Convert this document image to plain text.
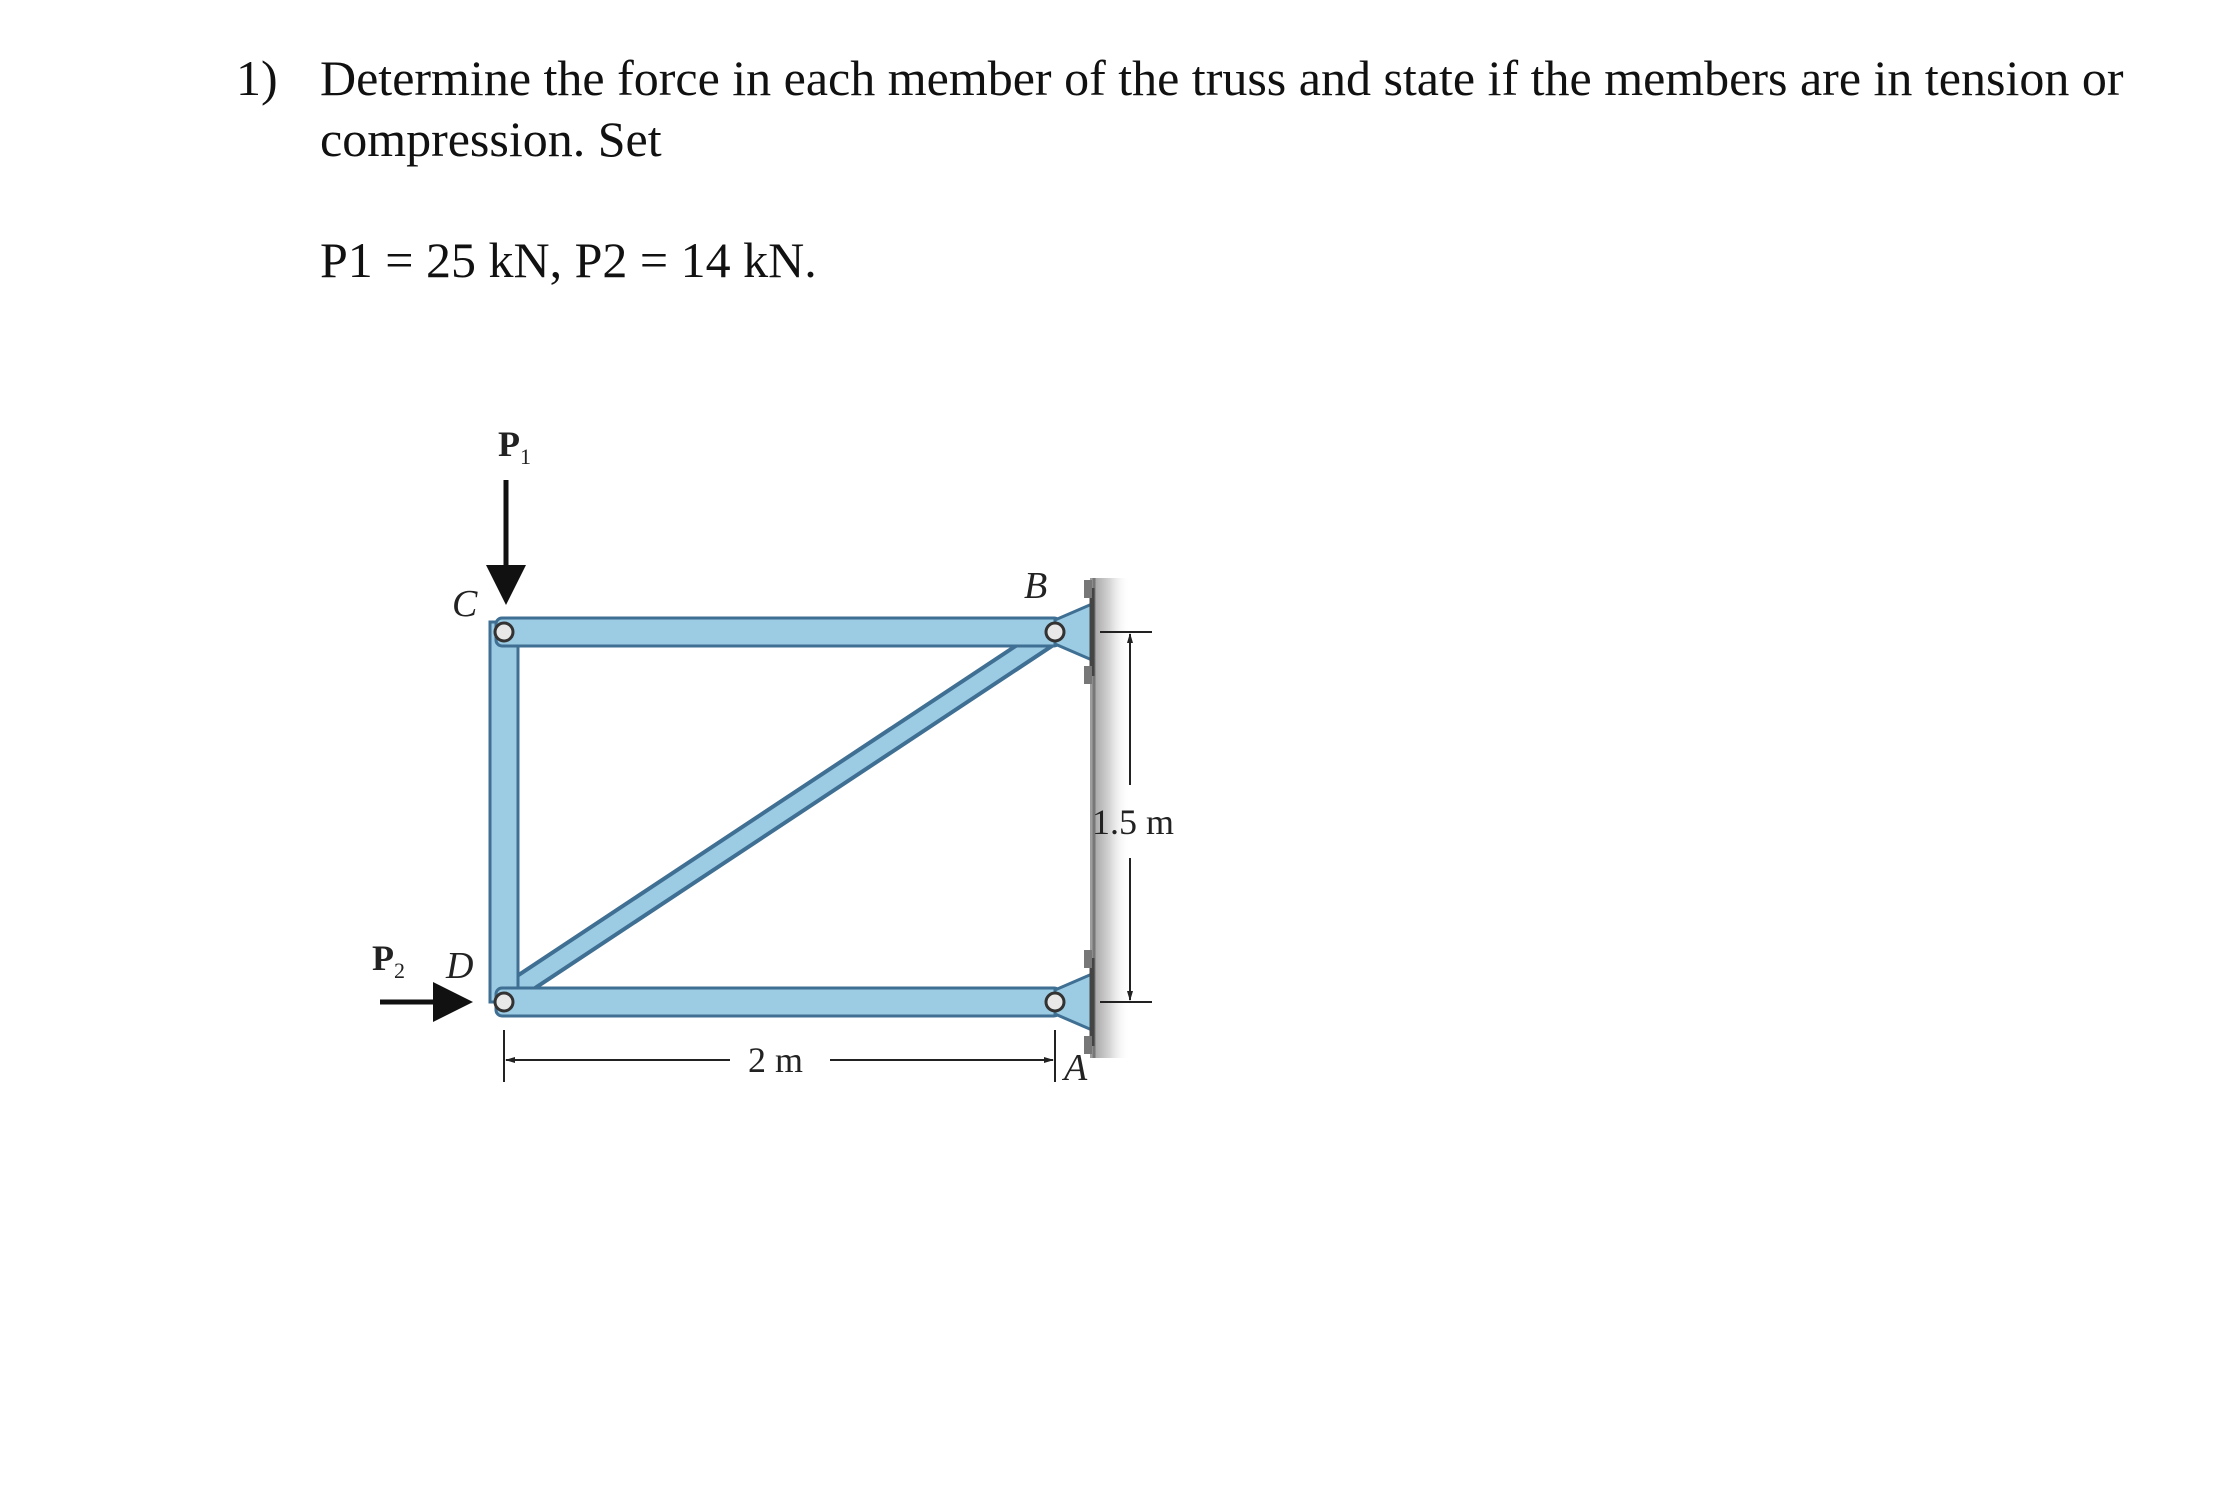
1) Determine the force in each member of the truss and state if the members are in tension or compression. Set
P1 = 25 kN, P2 = 14 kN.
$P_1$
$P_2$
C
D
B
A
2 m
1.5 m
